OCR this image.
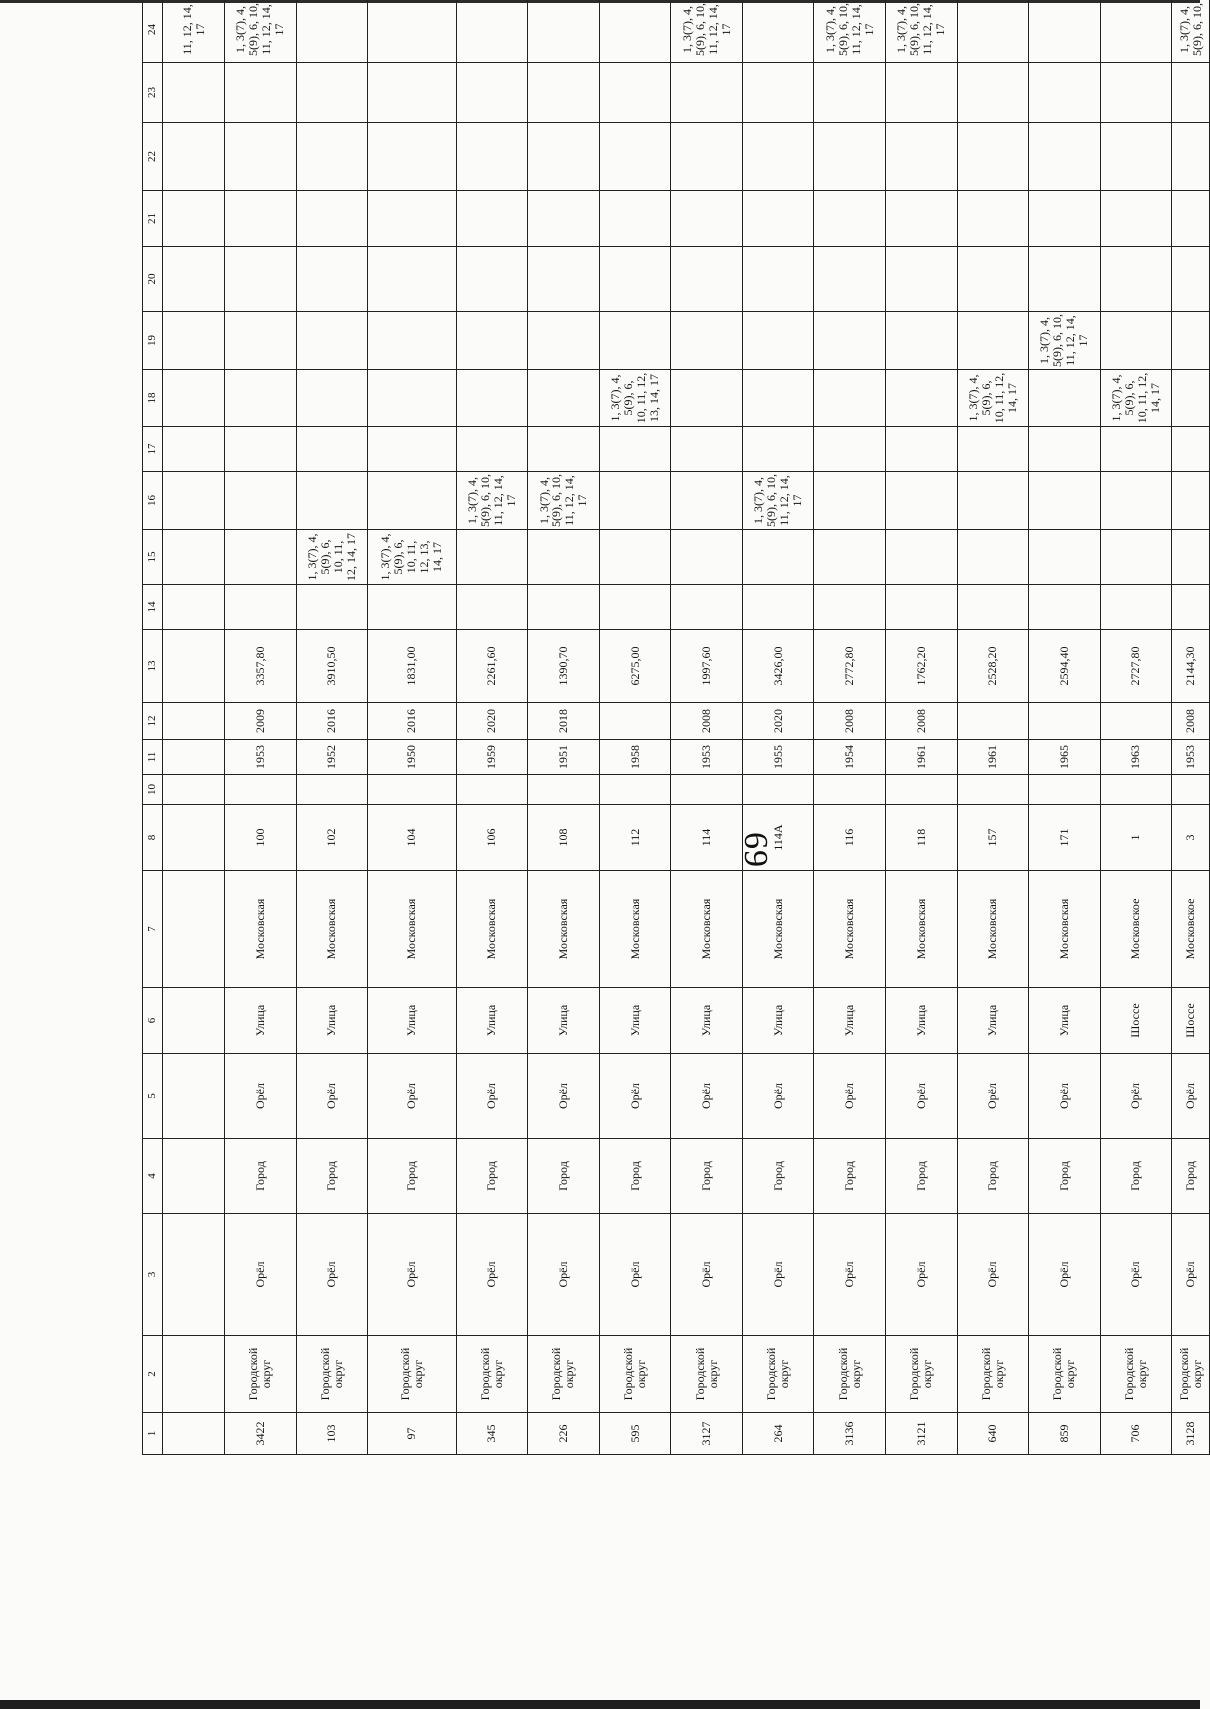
69
1	2	3	4	5	6	7	8	10	11	12	13	14	15	16	17	18	19	20	21	22	23	24
																						11, 12, 14,
17
3422	Городской
округ	Орёл	Город	Орёл	Улица	Московская	100		1953	2009	3357,80											1, 3(7), 4,
5(9), 6, 10,
11, 12, 14,
17
103	Городской
округ	Орёл	Город	Орёл	Улица	Московская	102		1952	2016	3910,50		1, 3(7), 4,
5(9), 6,
10, 11,
12, 14, 17									
97	Городской
округ	Орёл	Город	Орёл	Улица	Московская	104		1950	2016	1831,00		1, 3(7), 4,
5(9), 6,
10, 11,
12, 13,
14, 17									
345	Городской
округ	Орёл	Город	Орёл	Улица	Московская	106		1959	2020	2261,60			1, 3(7), 4,
5(9), 6, 10,
11, 12, 14,
17								
226	Городской
округ	Орёл	Город	Орёл	Улица	Московская	108		1951	2018	1390,70			1, 3(7), 4,
5(9), 6, 10,
11, 12, 14,
17								
595	Городской
округ	Орёл	Город	Орёл	Улица	Московская	112		1958		6275,00					1, 3(7), 4,
5(9), 6,
10, 11, 12,
13, 14, 17						
3127	Городской
округ	Орёл	Город	Орёл	Улица	Московская	114		1953	2008	1997,60											1, 3(7), 4,
5(9), 6, 10,
11, 12, 14,
17
264	Городской
округ	Орёл	Город	Орёл	Улица	Московская	114А		1955	2020	3426,00			1, 3(7), 4,
5(9), 6, 10,
11, 12, 14,
17								
3136	Городской
округ	Орёл	Город	Орёл	Улица	Московская	116		1954	2008	2772,80											1, 3(7), 4,
5(9), 6, 10,
11, 12, 14,
17
3121	Городской
округ	Орёл	Город	Орёл	Улица	Московская	118		1961	2008	1762,20											1, 3(7), 4,
5(9), 6, 10,
11, 12, 14,
17
640	Городской
округ	Орёл	Город	Орёл	Улица	Московская	157		1961		2528,20					1, 3(7), 4,
5(9), 6,
10, 11, 12,
14, 17						
859	Городской
округ	Орёл	Город	Орёл	Улица	Московская	171		1965		2594,40						1, 3(7), 4,
5(9), 6, 10,
11, 12, 14,
17					
706	Городской
округ	Орёл	Город	Орёл	Шоссе	Московское	1		1963		2727,80					1, 3(7), 4,
5(9), 6,
10, 11, 12,
14, 17						
3128	Городской
округ	Орёл	Город	Орёл	Шоссе	Московское	3		1953	2008	2144,30											1, 3(7), 4,
5(9), 6, 10,
